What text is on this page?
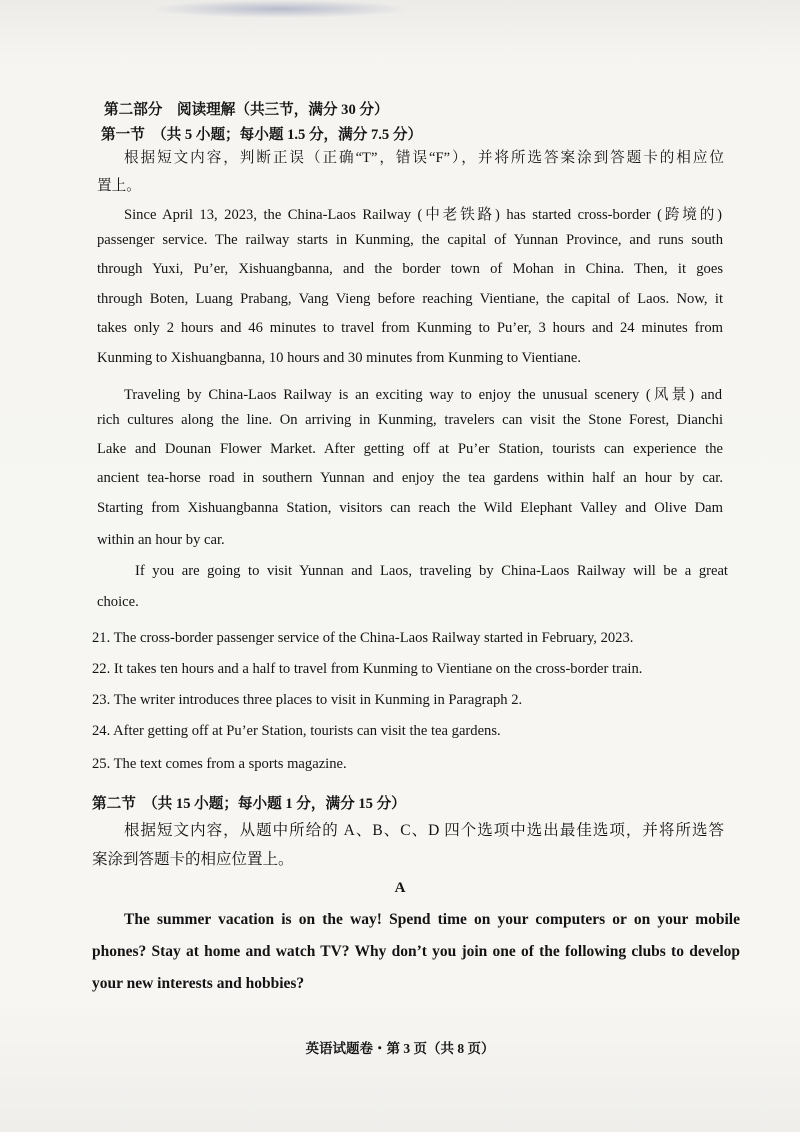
第二部分　阅读理解（共三节，满分 30 分）
第一节　（共 5 小题；每小题 1.5 分，满分 7.5 分）
根据短文内容，判断正误（正确“T”，错误“F”），并将所选答案涂到答题卡的相应位
置上。
Since April 13, 2023, the China-Laos Railway (中老铁路) has started cross-border (跨境的)
passenger service. The railway starts in Kunming, the capital of Yunnan Province, and runs south
through Yuxi, Pu’er, Xishuangbanna, and the border town of Mohan in China. Then, it goes
through Boten, Luang Prabang, Vang Vieng before reaching Vientiane, the capital of Laos. Now, it
takes only 2 hours and 46 minutes to travel from Kunming to Pu’er, 3 hours and 24 minutes from
Kunming to Xishuangbanna, 10 hours and 30 minutes from Kunming to Vientiane.
Traveling by China-Laos Railway is an exciting way to enjoy the unusual scenery (风景) and
rich cultures along the line. On arriving in Kunming, travelers can visit the Stone Forest, Dianchi
Lake and Dounan Flower Market. After getting off at Pu’er Station, tourists can experience the
ancient tea-horse road in southern Yunnan and enjoy the tea gardens within half an hour by car.
Starting from Xishuangbanna Station, visitors can reach the Wild Elephant Valley and Olive Dam
within an hour by car.
If you are going to visit Yunnan and Laos, traveling by China-Laos Railway will be a great
choice.
21. The cross-border passenger service of the China-Laos Railway started in February, 2023.
22. It takes ten hours and a half to travel from Kunming to Vientiane on the cross-border train.
23. The writer introduces three places to visit in Kunming in Paragraph 2.
24. After getting off at Pu’er Station, tourists can visit the tea gardens.
25. The text comes from a sports magazine.
第二节　（共 15 小题；每小题 1 分，满分 15 分）
根据短文内容，从题中所给的 A、B、C、D 四个选项中选出最佳选项，并将所选答
案涂到答题卡的相应位置上。
A
The summer vacation is on the way! Spend time on your computers or on your mobile
phones? Stay at home and watch TV? Why don’t you join one of the following clubs to develop
your new interests and hobbies?
英语试题卷・第 3 页（共 8 页）
